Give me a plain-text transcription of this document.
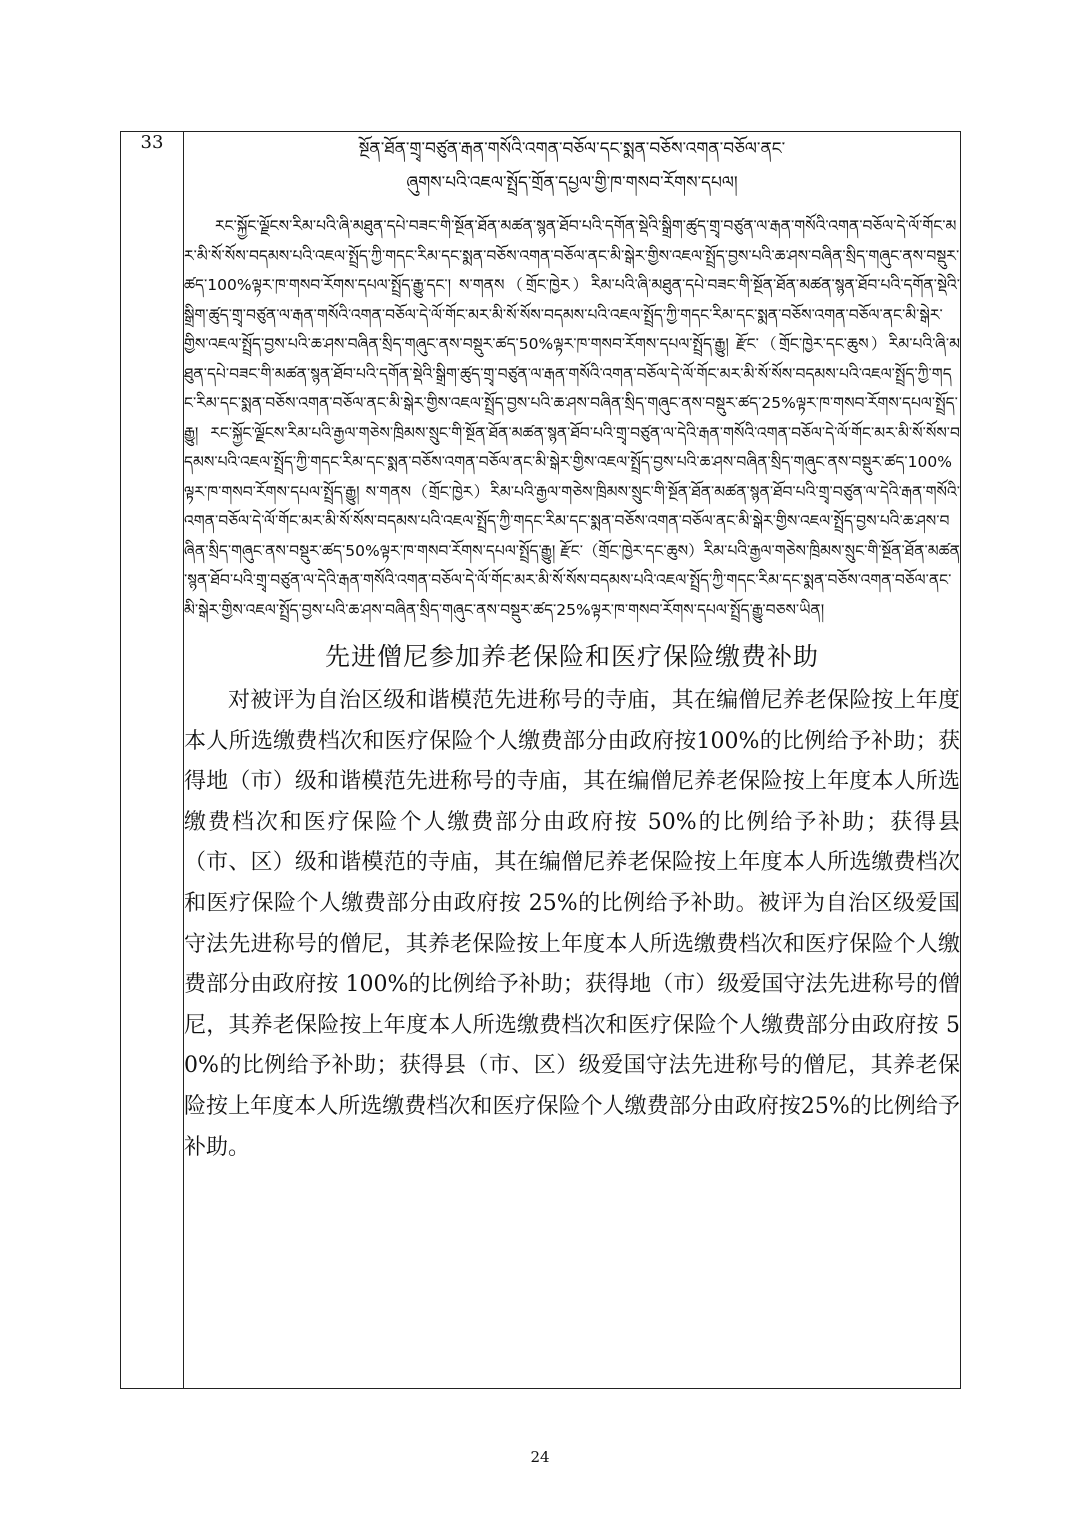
33	སྔོན་ཐོན་གྲྭ་བཙུན་རྒན་གསོའི་འགན་བཅོལ་དང་སྨན་བཅོས་འགན་བཅོལ་ནང་
ཞུགས་པའི་འཇལ་སྤྲོད་གྲོན་དཔྱལ་གྱི་ཁ་གསབ་རོགས་དཔལ།

རང་སྐྱོང་ལྗོངས་རིམ་པའི་ཞི་མཐུན་དཔེ་བཟང་གི་སྔོན་ཐོན་མཚན་སྙན་ཐོབ་པའི་དགོན་སྡེའི་སྒྲིག་ཚུད་གྲྭ་བཙུན་ལ་རྒན་གསོའི་འགན་བཅོལ་དེ་ལོ་གོང་མར་མི་སོ་སོས་བདམས་པའི་འཇལ་སྤྲོད་ཀྱི་གདང་རིམ་དང་སྨན་བཅོས་འགན་བཅོལ་ནང་མི་སྒེར་གྱིས་འཇལ་སྤྲོད་བྱས་པའི་ཆ་ཤས་བཞིན་སྲིད་གཞུང་ནས་བསྡུར་ཚད་100%ལྟར་ཁ་གསབ་རོགས་དཔལ་སྤྲོད་རྒྱུ་དང་། ས་གནས（གྲོང་ཁྱེར）རིམ་པའི་ཞི་མཐུན་དཔེ་བཟང་གི་སྔོན་ཐོན་མཚན་སྙན་ཐོབ་པའི་དགོན་སྡེའི་སྒྲིག་ཚུད་གྲྭ་བཙུན་ལ་རྒན་གསོའི་འགན་བཅོལ་དེ་ལོ་གོང་མར་མི་སོ་སོས་བདམས་པའི་འཇལ་སྤྲོད་ཀྱི་གདང་རིམ་དང་སྨན་བཅོས་འགན་བཅོལ་ནང་མི་སྒེར་གྱིས་འཇལ་སྤྲོད་བྱས་པའི་ཆ་ཤས་བཞིན་སྲིད་གཞུང་ནས་བསྡུར་ཚད་50%ལྟར་ཁ་གསབ་རོགས་དཔལ་སྤྲོད་རྒྱུ། རྫོང་（གྲོང་ཁྱེར་དང་ཆུས）རིམ་པའི་ཞི་མཐུན་དཔེ་བཟང་གི་མཚན་སྙན་ཐོབ་པའི་དགོན་སྡེའི་སྒྲིག་ཚུད་གྲྭ་བཙུན་ལ་རྒན་གསོའི་འགན་བཅོལ་དེ་ལོ་གོང་མར་མི་སོ་སོས་བདམས་པའི་འཇལ་སྤྲོད་ཀྱི་གདང་རིམ་དང་སྨན་བཅོས་འགན་བཅོལ་ནང་མི་སྒེར་གྱིས་འཇལ་སྤྲོད་བྱས་པའི་ཆ་ཤས་བཞིན་སྲིད་གཞུང་ནས་བསྡུར་ཚད་25%ལྟར་ཁ་གསབ་རོགས་དཔལ་སྤྲོད་རྒྱུ། རང་སྐྱོང་ལྗོངས་རིམ་པའི་རྒྱལ་གཅེས་ཁྲིམས་སྲུང་གི་སྔོན་ཐོན་མཚན་སྙན་ཐོབ་པའི་གྲྭ་བཙུན་ལ་དེའི་རྒན་གསོའི་འགན་བཅོལ་དེ་ལོ་གོང་མར་མི་སོ་སོས་བདམས་པའི་འཇལ་སྤྲོད་ཀྱི་གདང་རིམ་དང་སྨན་བཅོས་འགན་བཅོལ་ནང་མི་སྒེར་གྱིས་འཇལ་སྤྲོད་བྱས་པའི་ཆ་ཤས་བཞིན་སྲིད་གཞུང་ནས་བསྡུར་ཚད་100%ལྟར་ཁ་གསབ་རོགས་དཔལ་སྤྲོད་རྒྱུ། ས་གནས（གྲོང་ཁྱེར）རིམ་པའི་རྒྱལ་གཅེས་ཁྲིམས་སྲུང་གི་སྔོན་ཐོན་མཚན་སྙན་ཐོབ་པའི་གྲྭ་བཙུན་ལ་དེའི་རྒན་གསོའི་འགན་བཅོལ་དེ་ལོ་གོང་མར་མི་སོ་སོས་བདམས་པའི་འཇལ་སྤྲོད་ཀྱི་གདང་རིམ་དང་སྨན་བཅོས་འགན་བཅོལ་ནང་མི་སྒེར་གྱིས་འཇལ་སྤྲོད་བྱས་པའི་ཆ་ཤས་བཞིན་སྲིད་གཞུང་ནས་བསྡུར་ཚད་50%ལྟར་ཁ་གསབ་རོགས་དཔལ་སྤྲོད་རྒྱུ། རྫོང་（གྲོང་ཁྱེར་དང་ཆུས）རིམ་པའི་རྒྱལ་གཅེས་ཁྲིམས་སྲུང་གི་སྔོན་ཐོན་མཚན་སྙན་ཐོབ་པའི་གྲྭ་བཙུན་ལ་དེའི་རྒན་གསོའི་འགན་བཅོལ་དེ་ལོ་གོང་མར་མི་སོ་སོས་བདམས་པའི་འཇལ་སྤྲོད་ཀྱི་གདང་རིམ་དང་སྨན་བཅོས་འགན་བཅོལ་ནང་མི་སྒེར་གྱིས་འཇལ་སྤྲོད་བྱས་པའི་ཆ་ཤས་བཞིན་སྲིད་གཞུང་ནས་བསྡུར་ཚད་25%ལྟར་ཁ་གསབ་རོགས་དཔལ་སྤྲོད་རྒྱུ་བཅས་ཡིན།

先进僧尼参加养老保险和医疗保险缴费补助

对被评为自治区级和谐模范先进称号的寺庙，其在编僧尼养老保险按上年度本人所选缴费档次和医疗保险个人缴费部分由政府按100%的比例给予补助；获得地（市）级和谐模范先进称号的寺庙，其在编僧尼养老保险按上年度本人所选缴费档次和医疗保险个人缴费部分由政府按 50%的比例给予补助；获得县（市、区）级和谐模范的寺庙，其在编僧尼养老保险按上年度本人所选缴费档次和医疗保险个人缴费部分由政府按 25%的比例给予补助。被评为自治区级爱国守法先进称号的僧尼，其养老保险按上年度本人所选缴费档次和医疗保险个人缴费部分由政府按 100%的比例给予补助；获得地（市）级爱国守法先进称号的僧尼，其养老保险按上年度本人所选缴费档次和医疗保险个人缴费部分由政府按 50%的比例给予补助；获得县（市、区）级爱国守法先进称号的僧尼，其养老保险按上年度本人所选缴费档次和医疗保险个人缴费部分由政府按25%的比例给予补助。

24
